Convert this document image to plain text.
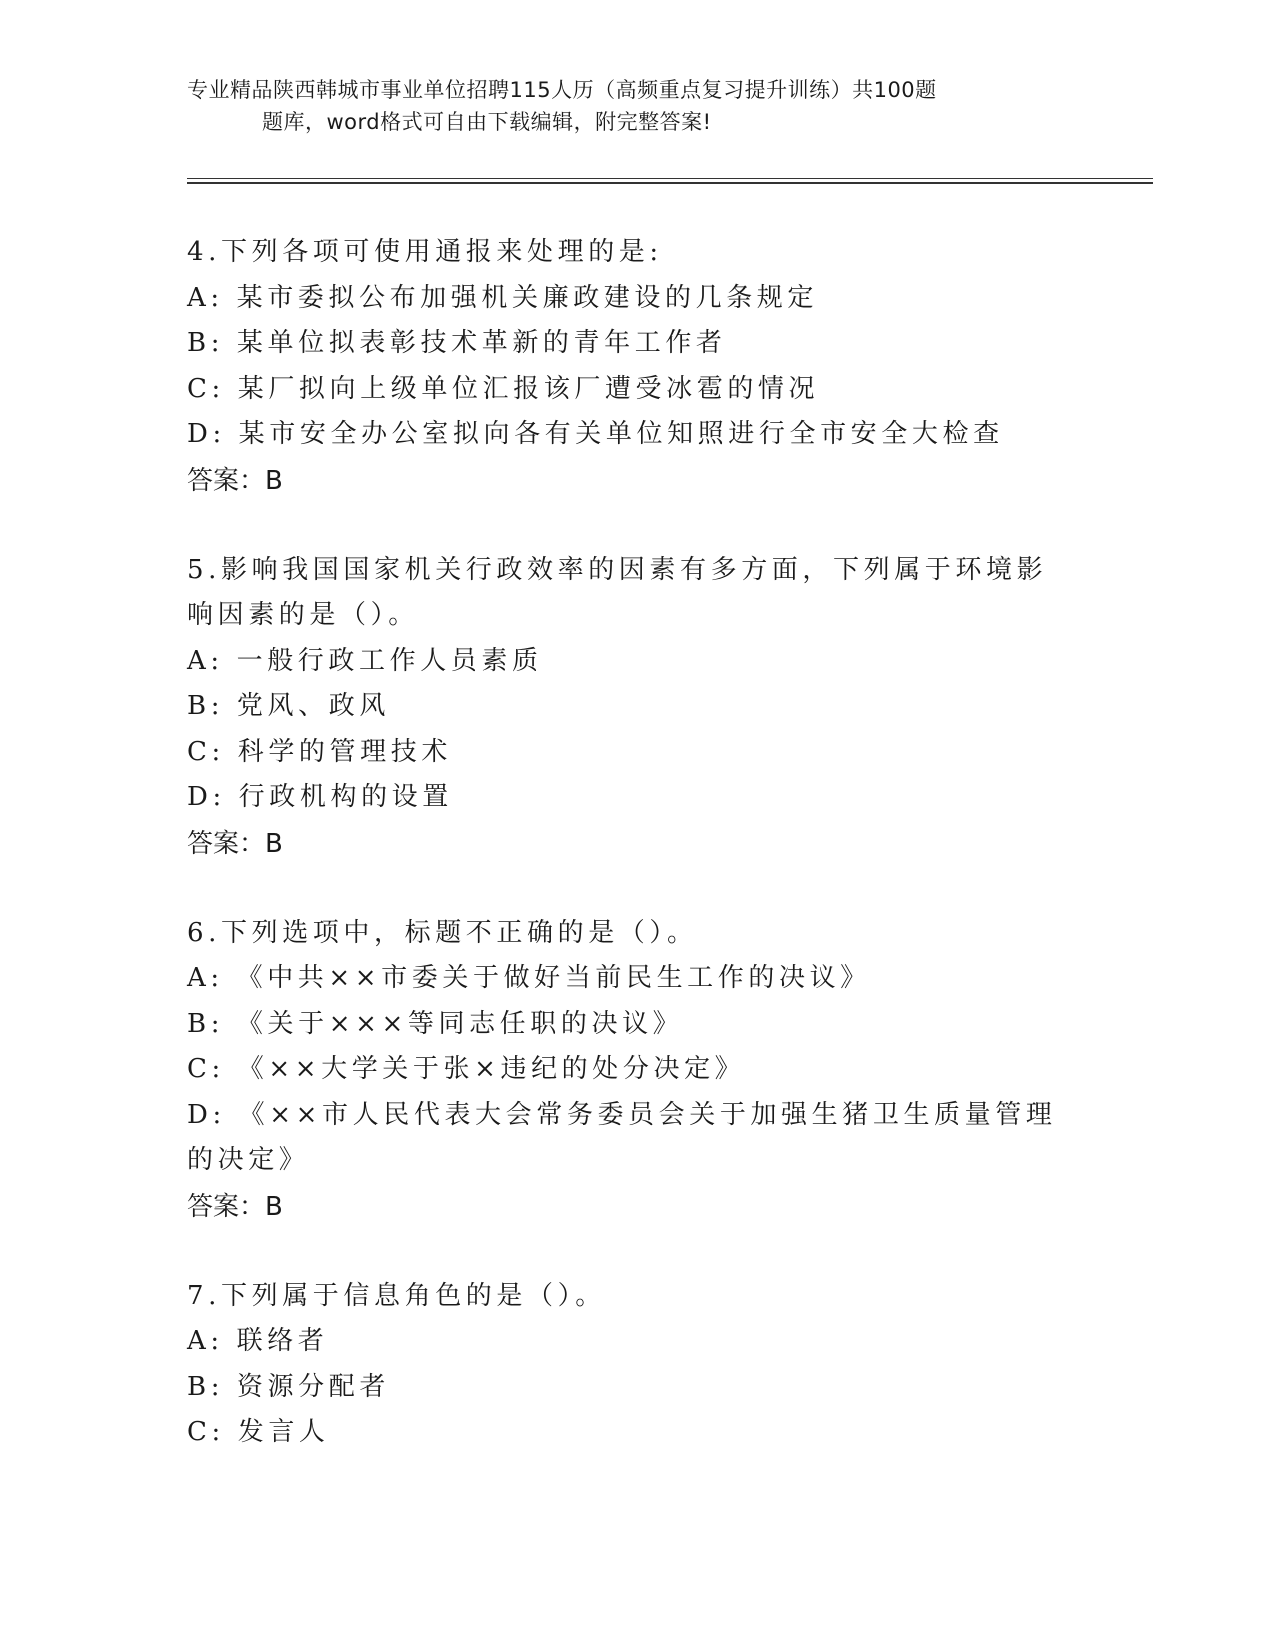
专业精品陕西韩城市事业单位招聘115人历（高频重点复习提升训练）共100题
题库，word格式可自由下载编辑，附完整答案!

4.下列各项可使用通报来处理的是:

A: 某市委拟公布加强机关廉政建设的几条规定

B: 某单位拟表彰技术革新的青年工作者

C: 某厂拟向上级单位汇报该厂遭受冰雹的情况

D: 某市安全办公室拟向各有关单位知照进行全市安全大检查

答案：B

5.影响我国国家机关行政效率的因素有多方面，下列属于环境影响因素的是（）。

A: 一般行政工作人员素质

B: 党风、政风

C: 科学的管理技术

D: 行政机构的设置

答案：B

6.下列选项中，标题不正确的是（）。

A: 《中共××市委关于做好当前民生工作的决议》

B: 《关于×××等同志任职的决议》

C: 《××大学关于张×违纪的处分决定》

D: 《××市人民代表大会常务委员会关于加强生猪卫生质量管理的决定》

答案：B

7.下列属于信息角色的是（）。

A: 联络者

B: 资源分配者

C: 发言人
